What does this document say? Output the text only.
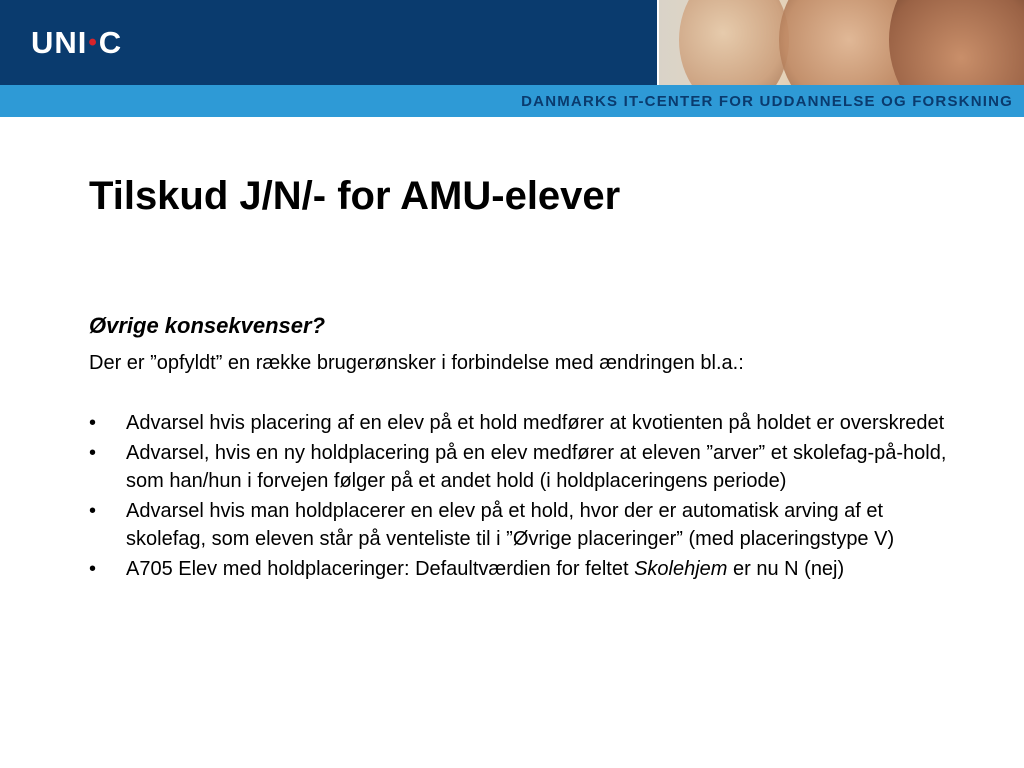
UNI•C
DANMARKS IT-CENTER FOR UDDANNELSE OG FORSKNING
Tilskud J/N/- for AMU-elever

Øvrige konsekvenser?

Der er ”opfyldt” en række brugerønsker i forbindelse med ændringen bl.a.:

• Advarsel hvis placering af en elev på et hold medfører at kvotienten på holdet er overskredet
• Advarsel, hvis en ny holdplacering på en elev medfører at eleven ”arver” et skolefag-på-hold, som han/hun i forvejen følger på et andet hold (i holdplaceringens periode)
• Advarsel hvis man holdplacerer en elev på et hold, hvor der er automatisk arving af et skolefag, som eleven står på venteliste til i ”Øvrige placeringer” (med placeringstype V)
• A705 Elev med holdplaceringer: Defaultværdien for feltet Skolehjem er nu N (nej)
